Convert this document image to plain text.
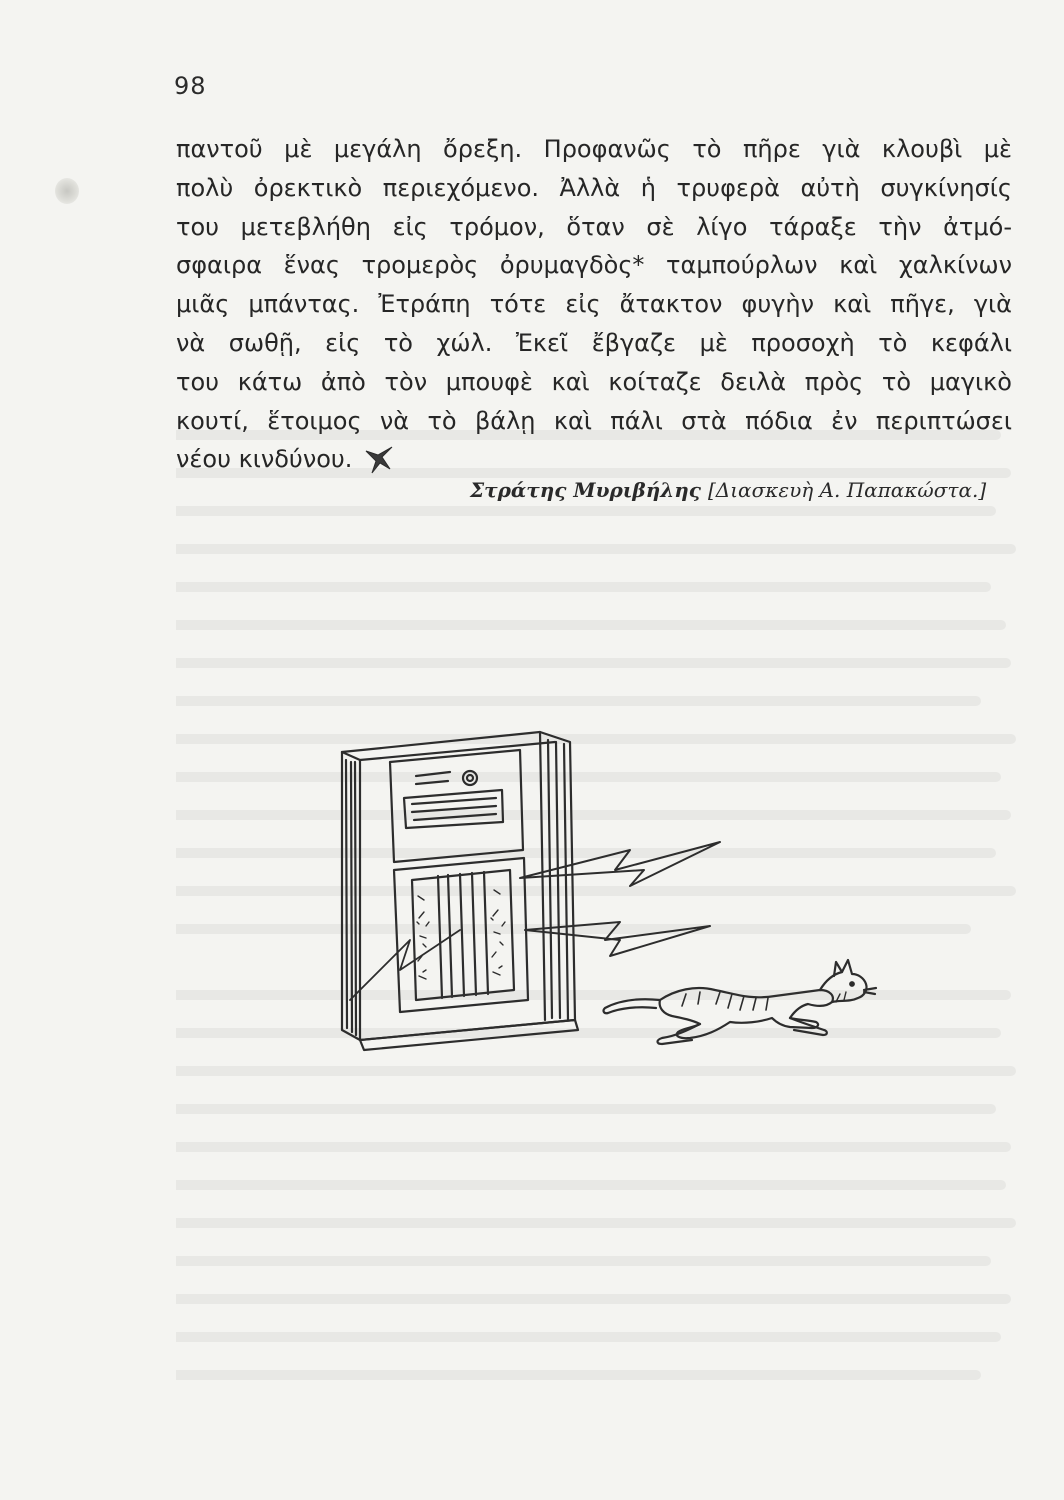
98
παντοῦ μὲ μεγάλη ὄρεξη. Προφανῶς τὸ πῆρε γιὰ κλουβὶ μὲ
πολὺ ὀρεκτικὸ περιεχόμενο. Ἀλλὰ ἡ τρυφερὰ αὐτὴ συγκίνησίς
του μετεβλήθη εἰς τρόμον, ὅταν σὲ λίγο τάραξε τὴν ἀτμό-
σφαιρα ἕνας τρομερὸς ὀρυμαγδὸς* ταμπούρλων καὶ χαλκίνων
μιᾶς μπάντας. Ἐτράπη τότε εἰς ἄτακτον φυγὴν καὶ πῆγε, γιὰ
νὰ σωθῇ, εἰς τὸ χώλ. Ἐκεῖ ἔβγαζε μὲ προσοχὴ τὸ κεφάλι
του κάτω ἀπὸ τὸν μπουφὲ καὶ κοίταζε δειλὰ πρὸς τὸ μαγικὸ
κουτί, ἕτοιμος νὰ τὸ βάλῃ καὶ πάλι στὰ πόδια ἐν περιπτώσει
νέου κινδύνου.
Στράτης Μυριβήλης [Διασκευὴ Α. Παπακώστα.]
